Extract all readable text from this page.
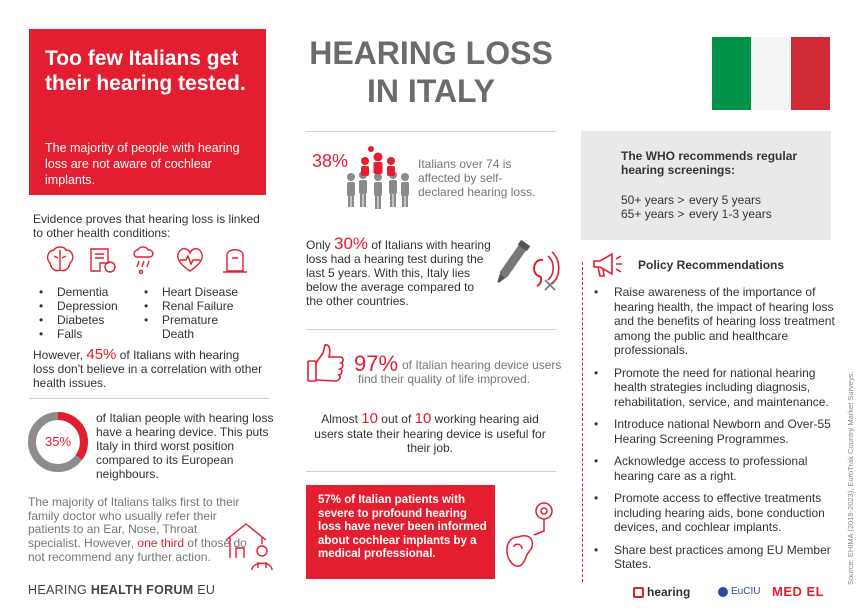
Too few Italians get their hearing tested.
The majority of people with hearing loss are not aware of cochlear implants.
Evidence proves that hearing loss is linked to other health conditions:
• Dementia
• Depression
• Diabetes
• Falls
• Heart Disease
• Renal Failure
• Premature Death
However, 45% of Italians with hearing loss don't believe in a correlation with other health issues.
35%
of Italian people with hearing loss have a hearing device. This puts Italy in third worst position compared to its European neighbours.
The majority of Italians talks first to their family doctor who usually refer their patients to an Ear, Nose, Throat specialist. However, one third of those do not recommend any further action.
HEARING HEALTH FORUM EU
HEARING LOSS
IN ITALY
38%	Italians over 74 is affected by self-declared hearing loss.
Only 30% of Italians with hearing loss had a hearing test during the last 5 years. With this, Italy lies below the average compared to the other countries.
97% of Italian hearing device users find their quality of life improved.
Almost 10 out of 10 working hearing aid users state their hearing device is useful for their job.
57% of Italian patients with severe to profound hearing loss have never been informed about cochlear implants by a medical professional.
The WHO recommends regular hearing screenings:
50+ years > every 5 years
65+ years > every 1-3 years
Policy Recommendations
• Raise awareness of the importance of hearing health, the impact of hearing loss and the benefits of hearing loss treatment among the public and healthcare professionals.
• Promote the need for national hearing health strategies including diagnosis, rehabilitation, service, and maintenance.
• Introduce national Newborn and Over-55 Hearing Screening Programmes.
• Acknowledge access to professional hearing care as a right.
• Promote access to effective treatments including hearing aids, bone conduction devices, and cochlear implants.
• Share best practices among EU Member States.	Source: EHIMA (2019-2023), EuroTrak Country Market Surveys.
hearing	EuCIU MED EL
